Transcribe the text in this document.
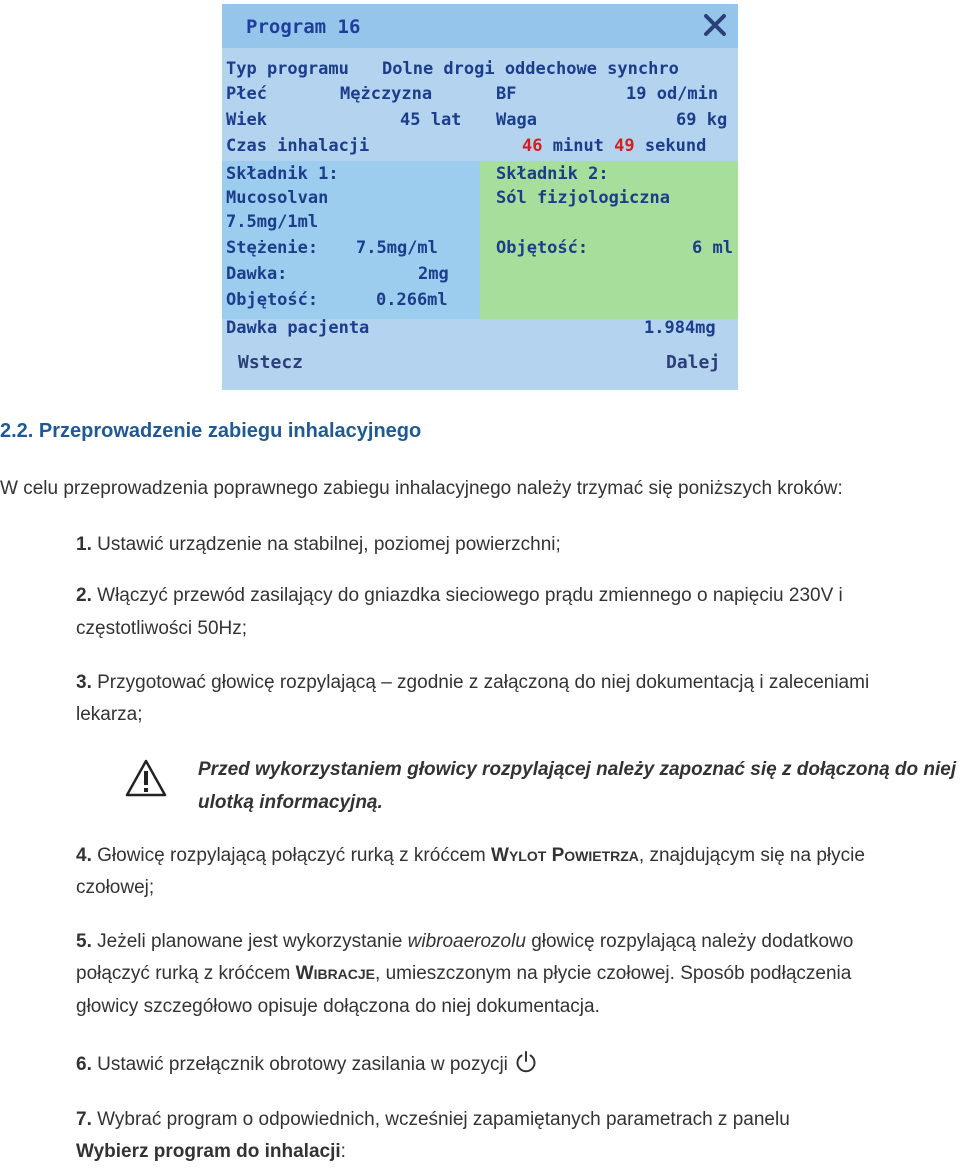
Program 16
Typ programu Dolne drogi oddechowe synchro
Płeć	Mężczyzna	BF	19 od/min
Wiek	45 lat Waga	69 kg
Czas inhalacji	46 minut 49 sekund
Składnik 1:
Mucosolvan
7.5mg/1ml
Stężenie: 7.5mg/ml
Dawka:	2mg
Objętość:	0.266ml
Składnik 2:
Sól fizjologiczna
Objętość:	6 ml
Dawka pacjenta	1.984mg
Wstecz	Dalej
2.2. Przeprowadzenie zabiegu inhalacyjnego
W celu przeprowadzenia poprawnego zabiegu inhalacyjnego należy trzymać się poniższych kroków:
1. Ustawić urządzenie na stabilnej, poziomej powierzchni;
2. Włączyć przewód zasilający do gniazdka sieciowego prądu zmiennego o napięciu 230V i
częstotliwości 50Hz;
3. Przygotować głowicę rozpylającą – zgodnie z załączoną do niej dokumentacją i zaleceniami
lekarza;
Przed wykorzystaniem głowicy rozpylającej należy zapoznać się z dołączoną do niej ulotką informacyjną.
4. Głowicę rozpylającą połączyć rurką z króćcem WYLOT POWIETRZA, znajdującym się na płycie
czołowej;
5. Jeżeli planowane jest wykorzystanie wibroaerozolu głowicę rozpylającą należy dodatkowo
połączyć rurką z króćcem WIBRACJE, umieszczonym na płycie czołowej. Sposób podłączenia
głowicy szczegółowo opisuje dołączona do niej dokumentacja.
6. Ustawić przełącznik obrotowy zasilania w pozycji
7. Wybrać program o odpowiednich, wcześniej zapamiętanych parametrach z panelu
Wybierz program do inhalacji:
